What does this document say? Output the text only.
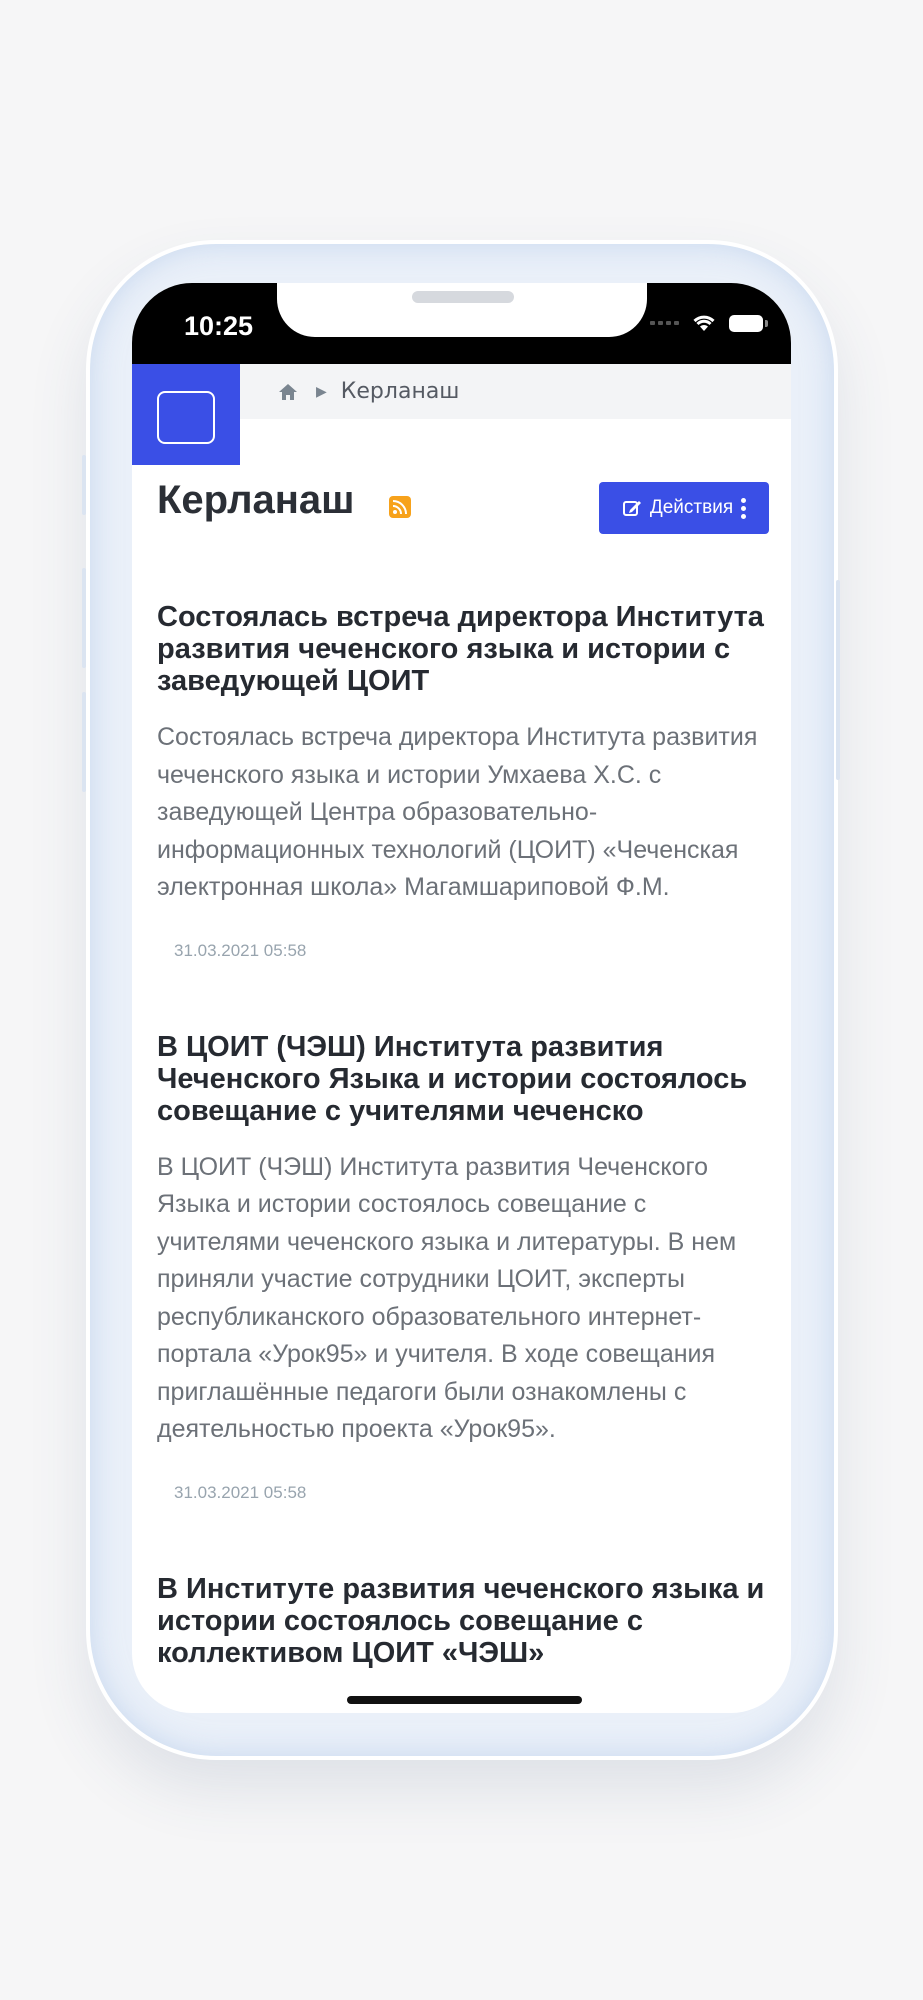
10:25
▶ Керланаш
Керланаш	Действия
Состоялась встреча директора Института развития чеченского языка и истории с заведующей ЦОИТ

Состоялась встреча директора Института развития чеченского языка и истории Умхаева Х.С. с заведующей Центра образовательно-информационных технологий (ЦОИТ) «Чеченская электронная школа» Магамшариповой Ф.М.

31.03.2021 05:58
В ЦОИТ (ЧЭШ) Института развития Чеченского Языка и истории состоялось совещание с учителями чеченско

В ЦОИТ (ЧЭШ) Института развития Чеченского Языка и истории состоялось совещание с учителями чеченского языка и литературы. В нем приняли участие сотрудники ЦОИТ, эксперты республиканского образовательного интернет-портала «Урок95» и учителя. В ходе совещания приглашённые педагоги были ознакомлены с деятельностью проекта «Урок95».

31.03.2021 05:58
В Институте развития чеченского языка и истории состоялось совещание с коллективом ЦОИТ «ЧЭШ»
